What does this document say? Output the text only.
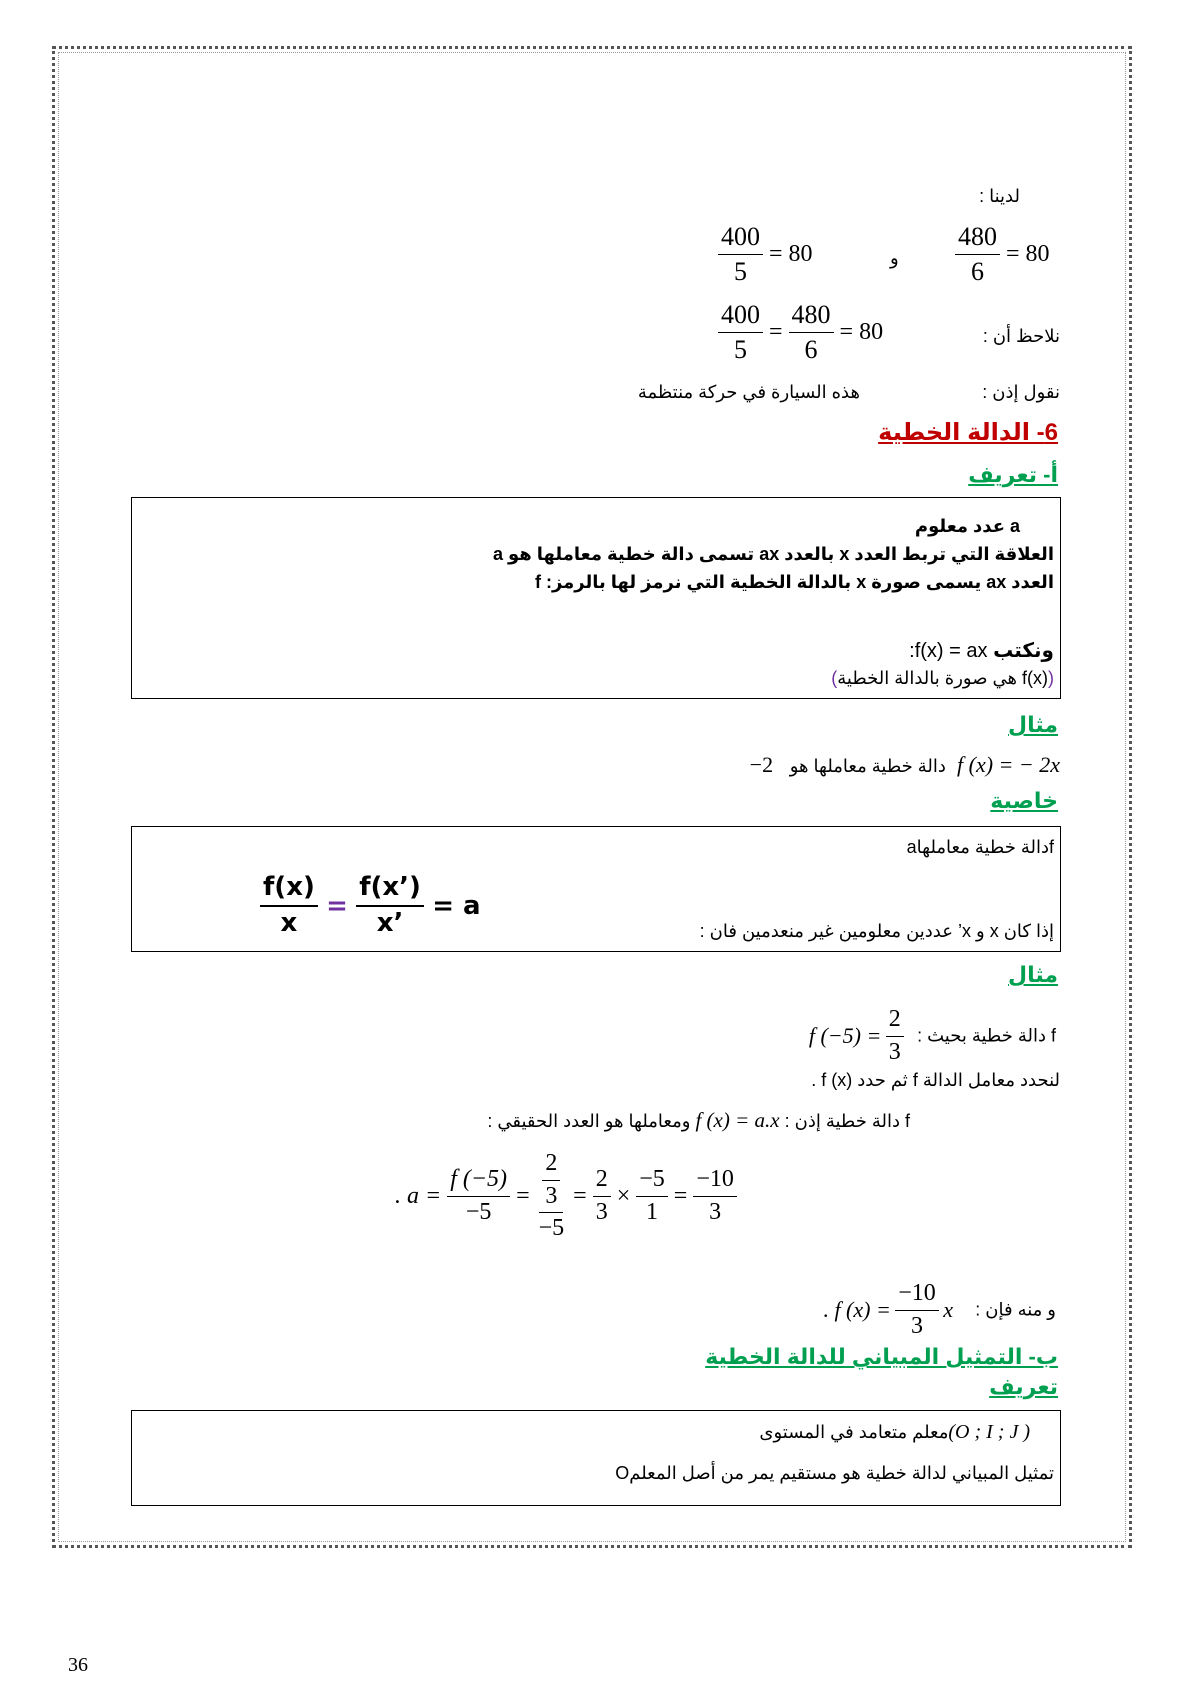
لدينا :
$\frac{480}{6} = 80$
و
$\frac{400}{5} = 80$
نلاحظ أن :
$\frac{400}{5} = \frac{480}{6} = 80$
نقول إذن :
هذه السيارة في حركة منتظمة
6- الدالة الخطية
أ- تعريف
a عدد معلوم
العلاقة التي تربط العدد x بالعدد ax تسمى دالة خطية معاملها هو a
العدد ax يسمى صورة x بالدالة الخطية التي نرمز لها بالرمز: f
:f(x) = ax ونكتب
(f(x) هي صورة بالدالة الخطية)
مثال
−2 دالة خطية معاملها هو f (x) = − 2x
خاصية
fدالة خطية معاملهاa
$\frac{f(x)}{x} = \frac{f(x’)}{x’} = a$
إذا كان x و x’ عددين معلومين غير منعدمين فان :
مثال
f $(-5) = \frac{2}{3}$ f دالة خطية بحيث :
لنحدد معامل الدالة f ثم حدد f (x) .
ومعاملها هو العدد الحقيقي : f (x) = a.x f دالة خطية إذن :
. $a = \frac{f (-5)}{-5} = \frac{\frac{2}{3}}{-5} = \frac{2}{3} \times \frac{-5}{1} = \frac{-10}{3}$
. f $(x) = \frac{-10}{3}$ x و منه فإن :
ب- التمثيل المبياني للدالة الخطية
تعريف
معلم متعامد في المستوى(O ; I ; J )
تمثيل المبياني لدالة خطية هو مستقيم يمر من أصل المعلمO
36
